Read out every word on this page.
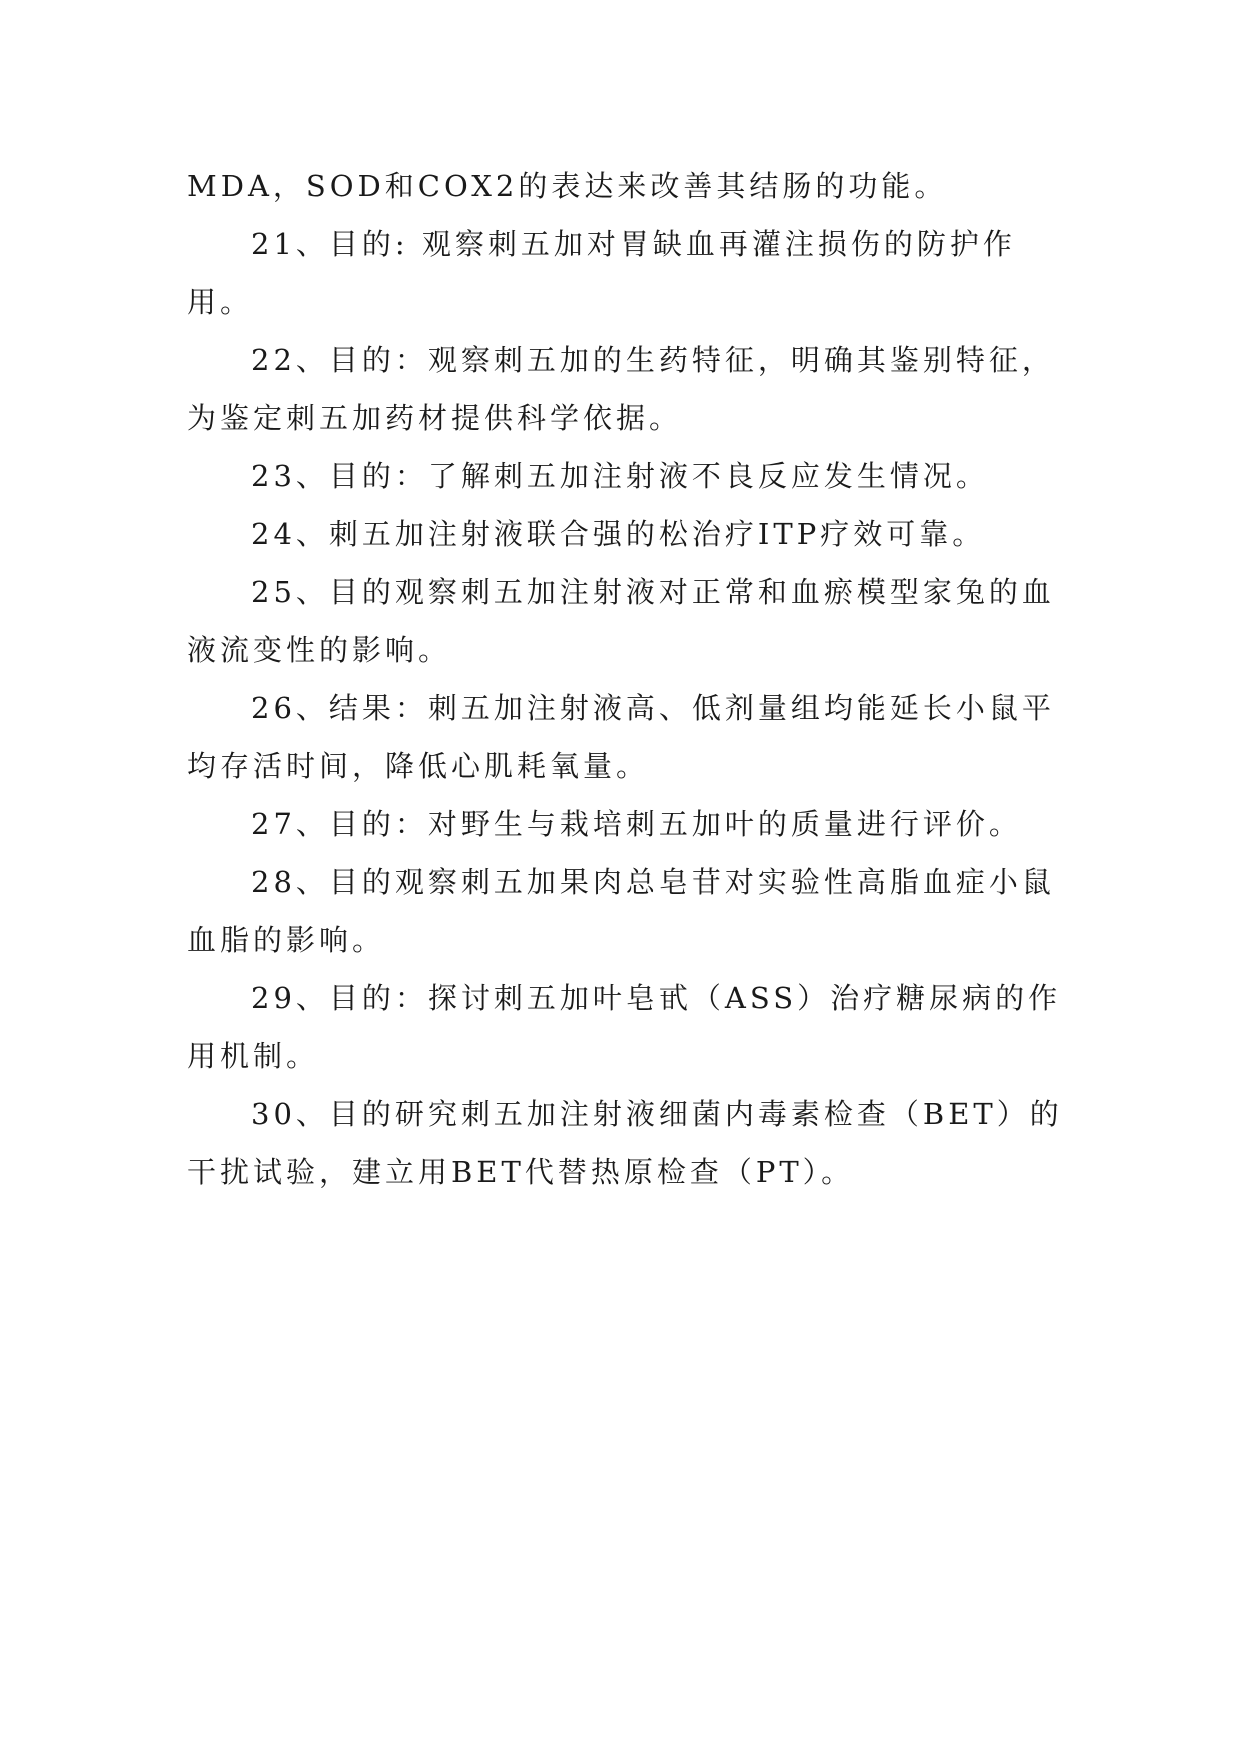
MDA，SOD和COX2的表达来改善其结肠的功能。

21、目的: 观察刺五加对胃缺血再灌注损伤的防护作用。

22、目的：观察刺五加的生药特征，明确其鉴别特征，为鉴定刺五加药材提供科学依据。

23、目的：了解刺五加注射液不良反应发生情况。

24、刺五加注射液联合强的松治疗ITP疗效可靠。

25、目的观察刺五加注射液对正常和血瘀模型家兔的血液流变性的影响。

26、结果：刺五加注射液高、低剂量组均能延长小鼠平均存活时间，降低心肌耗氧量。

27、目的：对野生与栽培刺五加叶的质量进行评价。

28、目的观察刺五加果肉总皂苷对实验性高脂血症小鼠血脂的影响。

29、目的：探讨刺五加叶皂甙（ASS）治疗糖尿病的作用机制。

30、目的研究刺五加注射液细菌内毒素检查（BET）的干扰试验，建立用BET代替热原检查（PT）。
